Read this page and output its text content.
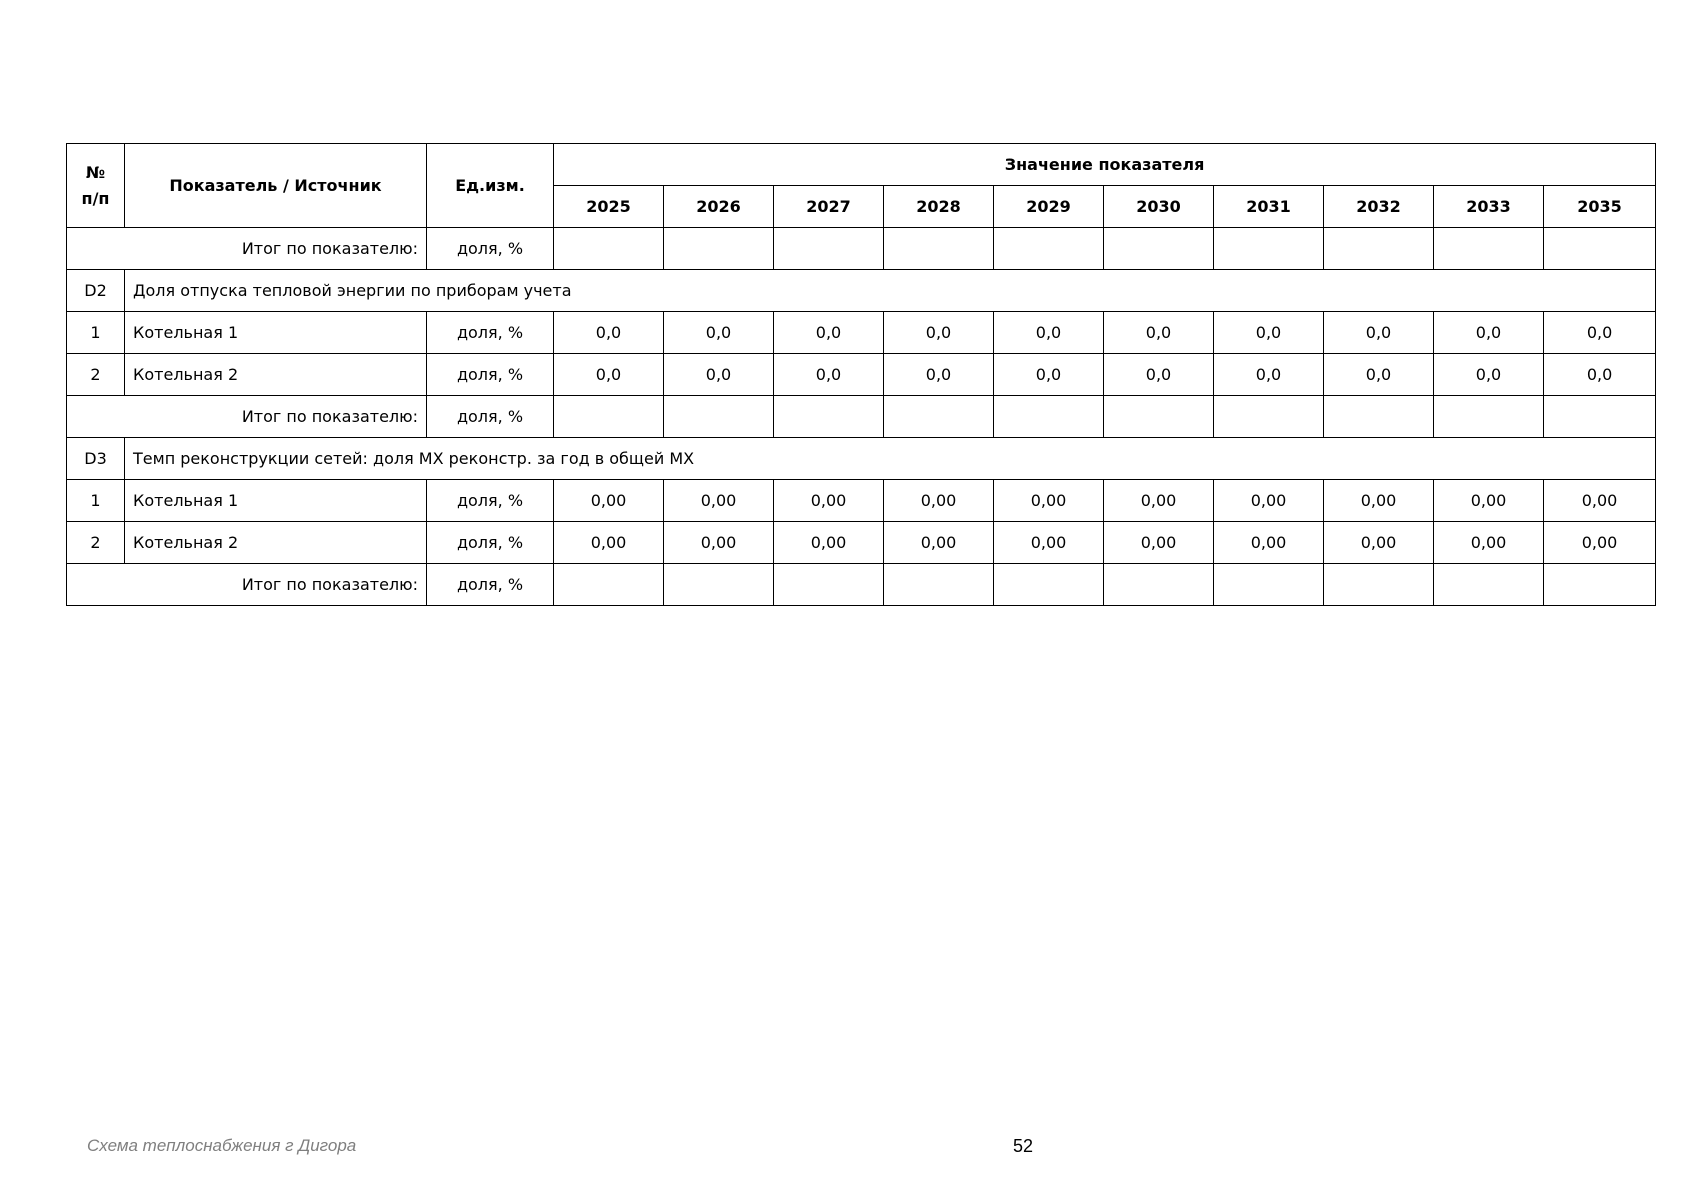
№
п/п	Показатель / Источник	Ед.изм.	Значение показателя									
			2025	2026	2027	2028	2029	2030	2031	2032	2033	2035
Итог по показателю:		доля, %										
D2	Доля отпуска тепловой энергии по приборам учета											
1	Котельная 1	доля, %	0,0	0,0	0,0	0,0	0,0	0,0	0,0	0,0	0,0	0,0
2	Котельная 2	доля, %	0,0	0,0	0,0	0,0	0,0	0,0	0,0	0,0	0,0	0,0
Итог по показателю:		доля, %										
D3	Темп реконструкции сетей: доля МХ реконстр. за год в общей МХ											
1	Котельная 1	доля, %	0,00	0,00	0,00	0,00	0,00	0,00	0,00	0,00	0,00	0,00
2	Котельная 2	доля, %	0,00	0,00	0,00	0,00	0,00	0,00	0,00	0,00	0,00	0,00
Итог по показателю:		доля, %										
Схема теплоснабжения г Дигора	52
